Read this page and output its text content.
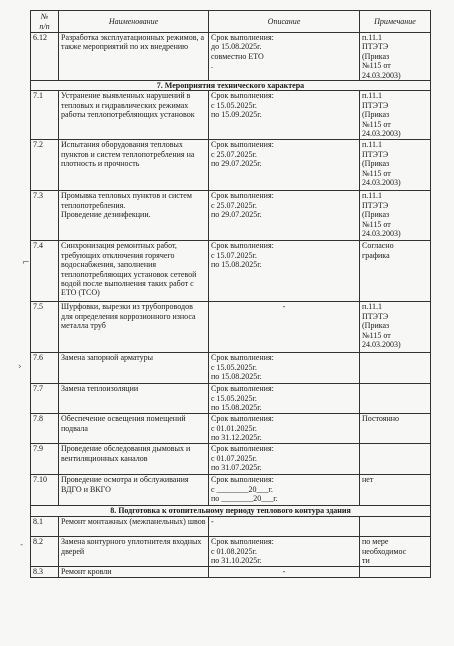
№
п/п	Наименование	Описание	Примечание
6.12	Разработка эксплуатационных режимов, а также мероприятий по их внедрению	Срок выполнения:
до 15.08.2025г.
совместно ЕТО
.	п.11.1
ПТЭТЭ
(Приказ
№115 от
24.03.2003)
7. Мероприятия технического характера			
7.1	Устранение выявленных нарушений в тепловых и гидравлических режимах работы теплопотребляющих установок	Срок выполнения:
с 15.05.2025г.
по 15.09.2025г.	п.11.1
ПТЭТЭ
(Приказ
№115 от
24.03.2003)
7.2	Испытания оборудования тепловых пунктов и систем теплопотребления на плотность и прочность	Срок выполнения:
с 25.07.2025г.
по 29.07.2025г.	п.11.1
ПТЭТЭ
(Приказ
№115 от
24.03.2003)
7.3	Промывка тепловых пунктов и систем теплопотребления.
Проведение дезинфекции.	Срок выполнения:
с 25.07.2025г.
по 29.07.2025г.	п.11.1
ПТЭТЭ
(Приказ
№115 от
24.03.2003)
7.4	Синхронизация ремонтных работ, требующих отключения горячего водоснабжения, заполнения теплопотребляющих установок сетевой водой после выполнения таких работ с ЕТО (ТСО)	Срок выполнения:
с 15.07.2025г.
по 15.08.2025г.	Согласно
графика
7.5	Шурфовки, вырезки из трубопроводов для определения коррозионного износа металла труб	-	п.11.1
ПТЭТЭ
(Приказ
№115 от
24.03.2003)
7.6	Замена запорной арматуры	Срок выполнения:
с 15.05.2025г.
по 15.08.2025г.	
7.7	Замена теплоизоляции	Срок выполнения:
с 15.05.2025г.
по 15.08.2025г.	
7.8	Обеспечение освещения помещений подвала	Срок выполнения:
с 01.01.2025г.
по 31.12.2025г.	Постоянно
7.9	Проведение обследования дымовых и вентиляционных каналов	Срок выполнения:
с 01.07.2025г.
по 31.07.2025г.	
7.10	Проведение осмотра и обслуживания ВДГО и ВКГО	Срок выполнения:
с ________20___г.
по ________20___г.	нет
8. Подготовка к отопительному периоду теплового контура здания			
8.1	Ремонт монтажных (межпанельных) швов	-	
8.2	Замена контурного уплотнителя входных дверей	Срок выполнения:
с 01.08.2025г.
по 31.10.2025г.	по мере
необходимос
ти
8.3	Ремонт кровли	-	
⌐
›
-
